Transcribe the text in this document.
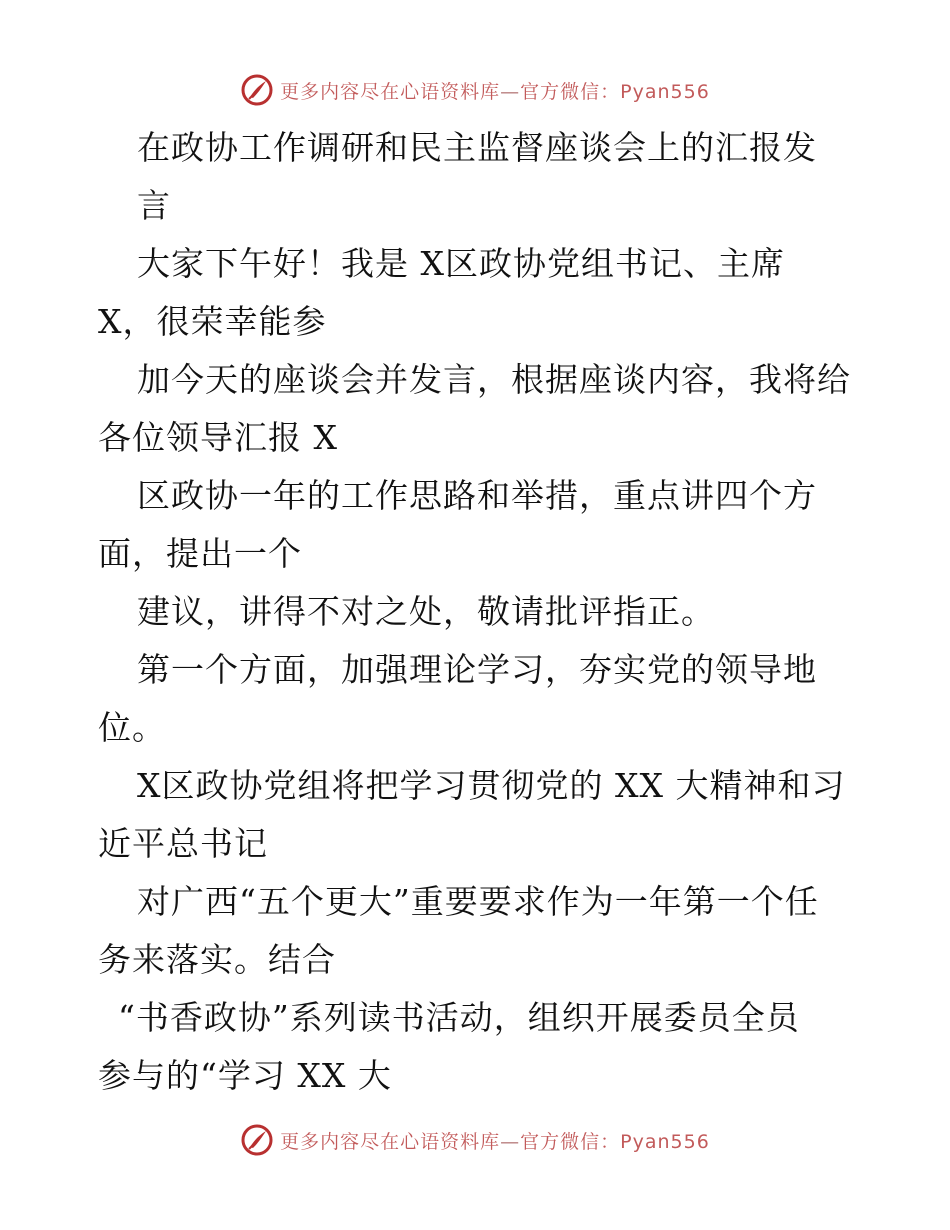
更多内容尽在心语资料库—官方微信：Pyan556
在政协工作调研和民主监督座谈会上的汇报发
言
大家下午好！我是 X区政协党组书记、主席
X，很荣幸能参
加今天的座谈会并发言，根据座谈内容，我将给
各位领导汇报 X
区政协一年的工作思路和举措，重点讲四个方
面，提出一个
建议，讲得不对之处，敬请批评指正。
第一个方面，加强理论学习，夯实党的领导地
位。
X区政协党组将把学习贯彻党的 XX 大精神和习
近平总书记
对广西“五个更大”重要要求作为一年第一个任
务来落实。结合
“书香政协”系列读书活动，组织开展委员全员
参与的“学习 XX 大
更多内容尽在心语资料库—官方微信：Pyan556
